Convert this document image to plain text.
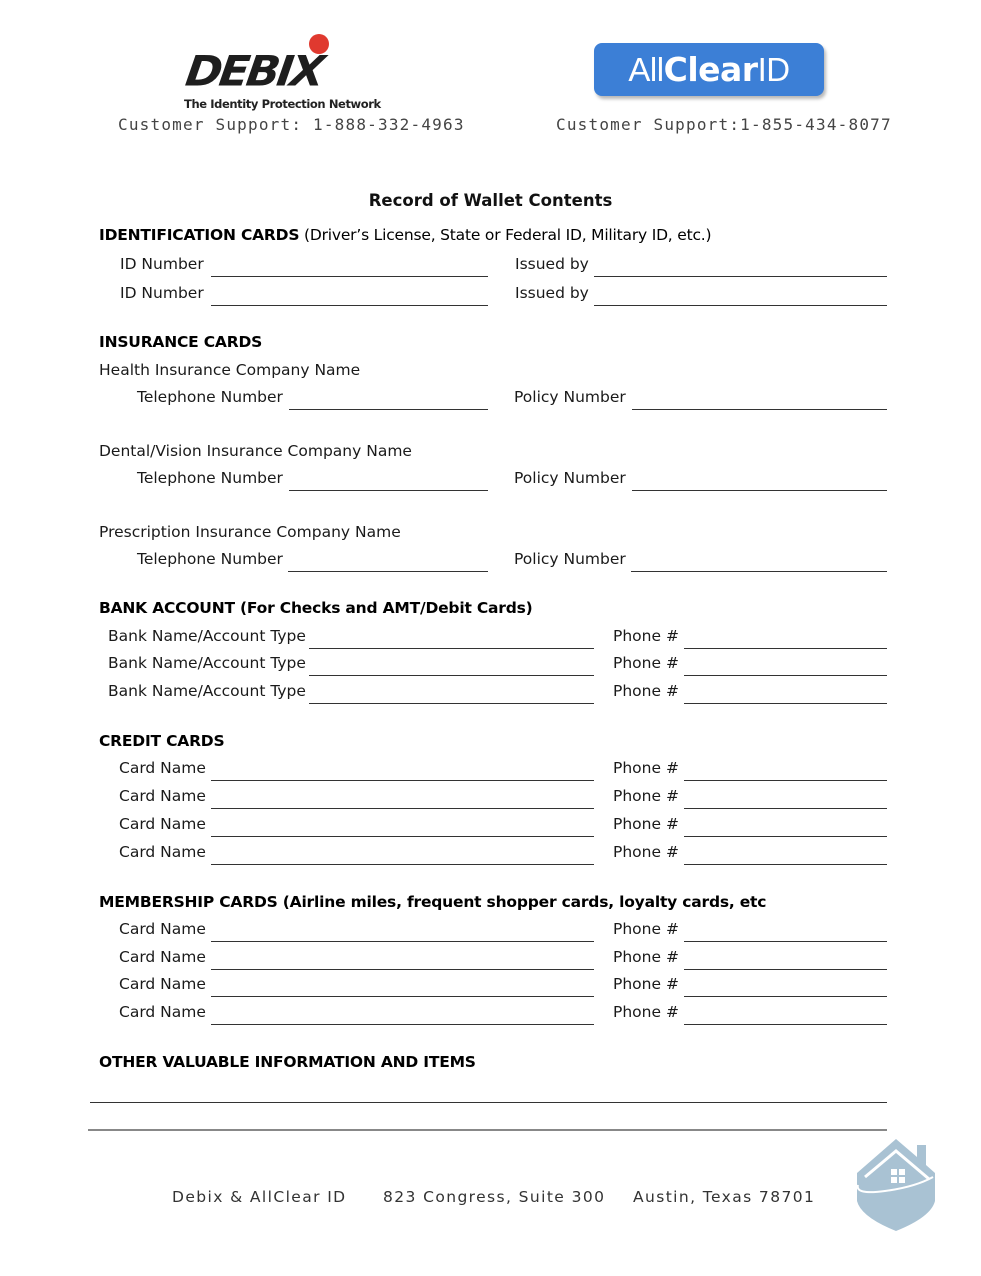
DEBIX
The Identity Protection Network
Customer Support: 1-888-332-4963
All Clear ID
Customer Support:1-855-434-8077
Record of Wallet Contents
IDENTIFICATION CARDS (Driver’s License, State or Federal ID, Military ID, etc.)
ID Number	Issued by
ID Number	Issued by
INSURANCE CARDS
Health Insurance Company Name
Telephone Number	Policy Number
Dental/Vision Insurance Company Name
Telephone Number	Policy Number
Prescription Insurance Company Name
Telephone Number	Policy Number
BANK ACCOUNT (For Checks and AMT/Debit Cards)
Bank Name/Account Type	Phone #
Bank Name/Account Type	Phone #
Bank Name/Account Type	Phone #
CREDIT CARDS
Card Name	Phone #
Card Name	Phone #
Card Name	Phone #
Card Name	Phone #
MEMBERSHIP CARDS (Airline miles, frequent shopper cards, loyalty cards, etc
Card Name	Phone #
Card Name	Phone #
Card Name	Phone #
Card Name	Phone #
OTHER VALUABLE INFORMATION AND ITEMS
Debix & AllClear ID 823 Congress, Suite 300 Austin, Texas 78701
